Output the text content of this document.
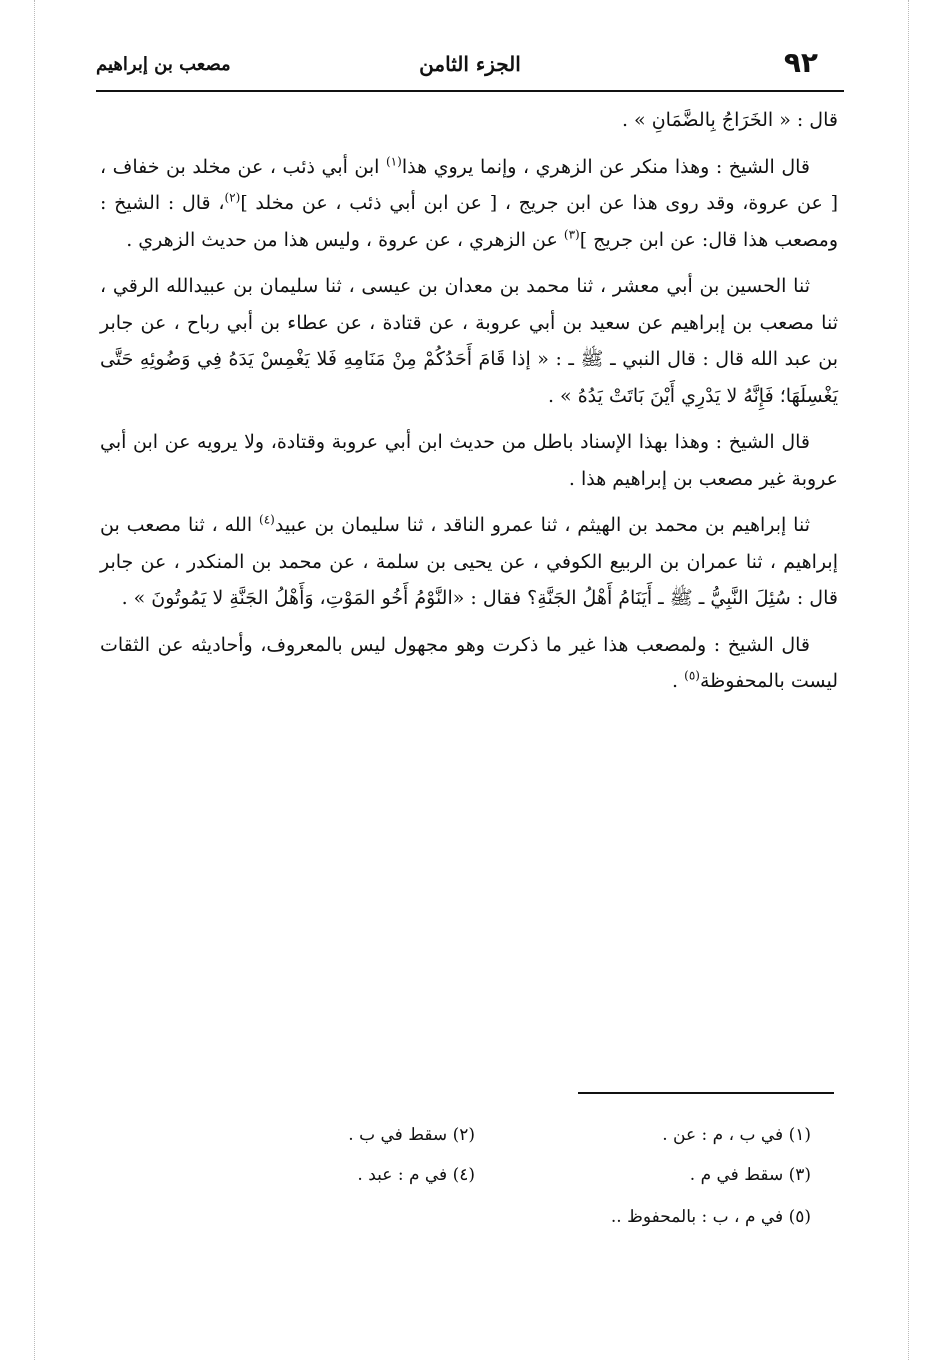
٩٢
الجزء الثامن
مصعب بن إبراهيم

قال : « الخَرَاجُ بِالضَّمَانِ » .

قال الشيخ : وهذا منكر عن الزهري ، وإنما يروي هذا$^{(١)}$ ابن أبي ذئب ، عن مخلد بن خفاف ، [ عن عروة، وقد روى هذا عن ابن جريج ، [ عن ابن أبي ذئب ، عن مخلد ]$^{(٢)}$، قال : الشيخ : ومصعب هذا قال: عن ابن جريج ]$^{(٣)}$ عن الزهري ، عن عروة ، وليس هذا من حديث الزهري .

ثنا الحسين بن أبي معشر ، ثنا محمد بن معدان بن عيسى ، ثنا سليمان بن عبيدالله الرقي ، ثنا مصعب بن إبراهيم عن سعيد بن أبي عروبة ، عن قتادة ، عن عطاء بن أبي رباح ، عن جابر بن عبد الله قال : قال النبي ـ ﷺ ـ : « إذا قَامَ أَحَدُكُمْ مِنْ مَنَامِهِ فَلا يَغْمِسْ يَدَهُ فِي وَضُوئِهِ حَتَّى يَغْسِلَهَا؛ فَإِنَّهُ لا يَدْرِي أَيْنَ بَاتَتْ يَدُهُ » .

قال الشيخ : وهذا بهذا الإسناد باطل من حديث ابن أبي عروبة وقتادة، ولا يرويه عن ابن أبي عروبة غير مصعب بن إبراهيم هذا .

ثنا إبراهيم بن محمد بن الهيثم ، ثنا عمرو الناقد ، ثنا سليمان بن عبيد$^{(٤)}$ الله ، ثنا مصعب بن إبراهيم ، ثنا عمران بن الربيع الكوفي ، عن يحيى بن سلمة ، عن محمد بن المنكدر ، عن جابر قال : سُئِلَ النَّبِيُّ ـ ﷺ ـ أَيَنَامُ أَهْلُ الجَنَّةِ؟ فقال : «النَّوْمُ أَخُو المَوْتِ، وَأَهْلُ الجَنَّةِ لا يَمُوتُونَ » .

قال الشيخ : ولمصعب هذا غير ما ذكرت وهو مجهول ليس بالمعروف، وأحاديثه عن الثقات ليست بالمحفوظة$^{(٥)}$ .

(١) في ب ، م : عن .
(٢) سقط في ب .
(٣) سقط في م .
(٤) في م : عبد .
(٥) في م ، ب : بالمحفوظ ..
